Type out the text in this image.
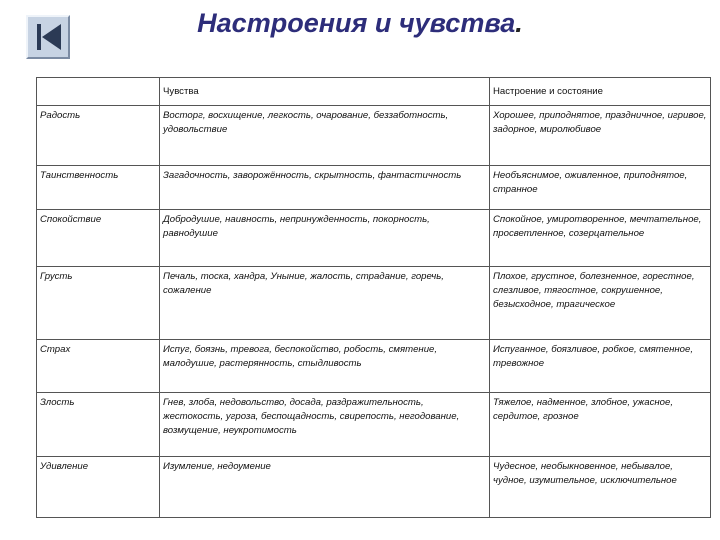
Настроения и чувства.
	Чувства	Настроение и состояние
Радость	Восторг, восхищение, легкость, очарование, беззаботность, удовольствие	Хорошее, приподнятое, праздничное, игривое, задорное, миролюбивое
Таинственность	Загадочность, заворожённость, скрытность, фантастичность	Необъяснимое, оживленное, приподнятое, странное
Спокойствие	Добродушие, наивность, непринужденность, покорность, равнодушие	Спокойное, умиротворенное, мечтательное, просветленное, созерцательное
Грусть	Печаль, тоска, хандра, Уныние, жалость, страдание, горечь, сожаление	Плохое, грустное, болезненное, горестное, слезливое, тягостное, сокрушенное, безысходное, трагическое
Страх	Испуг, боязнь, тревога, беспокойство, робость, смятение, малодушие, растерянность, стыдливость	Испуганное, боязливое, робкое, смятенное, тревожное
Злость	Гнев, злоба, недовольство, досада, раздражительность, жестокость, угроза, беспощадность, свирепость, негодование, возмущение, неукротимость	Тяжелое, надменное, злобное, ужасное, сердитое, грозное
Удивление	Изумление, недоумение	Чудесное, необыкновенное, небывалое, чудное, изумительное, исключительное
